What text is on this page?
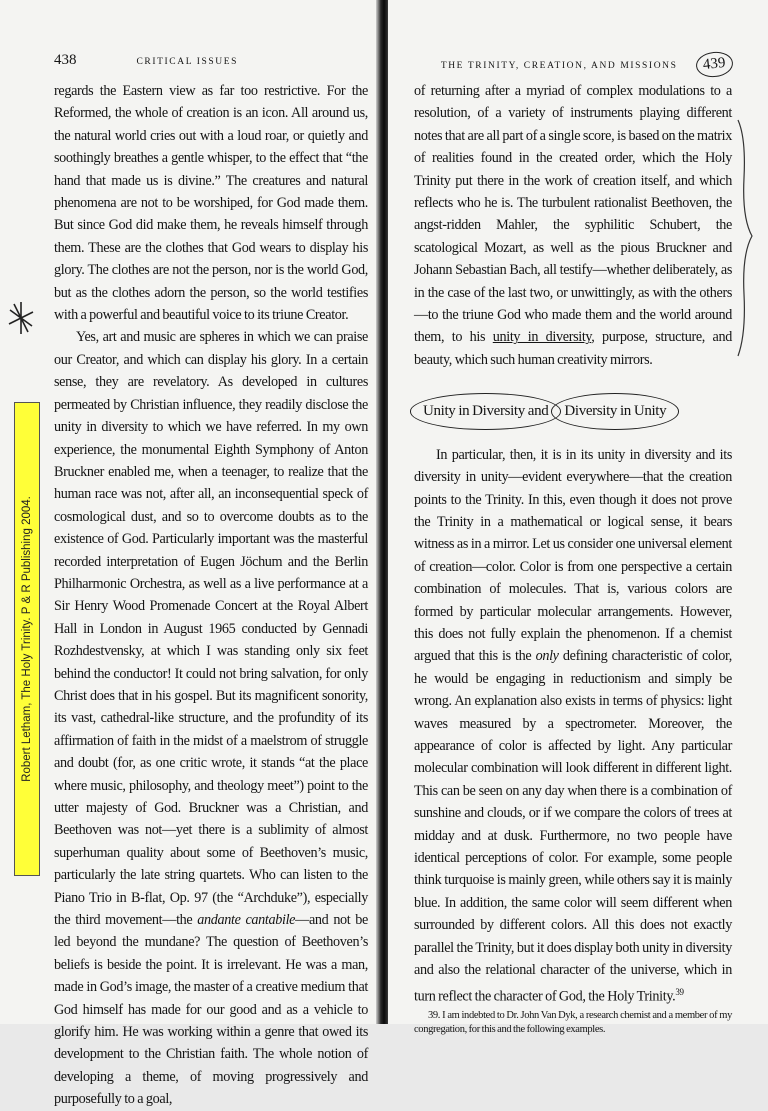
438	CRITICAL ISSUES

regards the Eastern view as far too restrictive. For the Reformed, the whole of creation is an icon. All around us, the natural world cries out with a loud roar, or quietly and soothingly breathes a gentle whisper, to the effect that “the hand that made us is divine.” The creatures and natural phenomena are not to be worshiped, for God made them. But since God did make them, he reveals himself through them. These are the clothes that God wears to display his glory. The clothes are not the person, nor is the world God, but as the clothes adorn the person, so the world testifies with a powerful and beautiful voice to its triune Creator.

Yes, art and music are spheres in which we can praise our Creator, and which can display his glory. In a certain sense, they are revelatory. As developed in cultures permeated by Christian influence, they readily disclose the unity in diversity to which we have referred. In my own experience, the monumental Eighth Symphony of Anton Bruckner enabled me, when a teenager, to realize that the human race was not, after all, an inconsequential speck of cosmological dust, and so to overcome doubts as to the existence of God. Particularly important was the masterful recorded interpretation of Eugen Jöchum and the Berlin Philharmonic Orchestra, as well as a live performance at a Sir Henry Wood Promenade Concert at the Royal Albert Hall in London in August 1965 conducted by Gennadi Rozhdestvensky, at which I was standing only six feet behind the conductor! It could not bring salvation, for only Christ does that in his gospel. But its magnificent sonority, its vast, cathedral-like structure, and the profundity of its affirmation of faith in the midst of a maelstrom of struggle and doubt (for, as one critic wrote, it stands “at the place where music, philosophy, and theology meet”) point to the utter majesty of God. Bruckner was a Christian, and Beethoven was not—yet there is a sublimity of almost superhuman quality about some of Beethoven’s music, particularly the late string quartets. Who can listen to the Piano Trio in B-flat, Op. 97 (the “Archduke”), especially the third movement—the andante cantabile—and not be led beyond the mundane? The question of Beethoven’s beliefs is beside the point. It is irrelevant. He was a man, made in God’s image, the master of a creative medium that God himself has made for our good and as a vehicle to glorify him. He was working within a genre that owed its development to the Christian faith. The whole notion of developing a theme, of moving progressively and purposefully to a goal,

THE TRINITY, CREATION, AND MISSIONS	439

of returning after a myriad of complex modulations to a resolution, of a variety of instruments playing different notes that are all part of a single score, is based on the matrix of realities found in the created order, which the Holy Trinity put there in the work of creation itself, and which reflects who he is. The turbulent rationalist Beethoven, the angst-ridden Mahler, the syphilitic Schubert, the scatological Mozart, as well as the pious Bruckner and Johann Sebastian Bach, all testify—whether deliberately, as in the case of the last two, or unwittingly, as with the others—to the triune God who made them and the world around them, to his unity in diversity, purpose, structure, and beauty, which such human creativity mirrors.

Unity in Diversity and	Diversity in Unity

In particular, then, it is in its unity in diversity and its diversity in unity—evident everywhere—that the creation points to the Trinity. In this, even though it does not prove the Trinity in a mathematical or logical sense, it bears witness as in a mirror. Let us consider one universal element of creation—color. Color is from one perspective a certain combination of molecules. That is, various colors are formed by particular molecular arrangements. However, this does not fully explain the phenomenon. If a chemist argued that this is the only defining characteristic of color, he would be engaging in reductionism and simply be wrong. An explanation also exists in terms of physics: light waves measured by a spectrometer. Moreover, the appearance of color is affected by light. Any particular molecular combination will look different in different light. This can be seen on any day when there is a combination of sunshine and clouds, or if we compare the colors of trees at midday and at dusk. Furthermore, no two people have identical perceptions of color. For example, some people think turquoise is mainly green, while others say it is mainly blue. In addition, the same color will seem different when surrounded by different colors. All this does not exactly parallel the Trinity, but it does display both unity in diversity and also the relational character of the universe, which in turn reflect the character of God, the Holy Trinity.$^{39}$

39. I am indebted to Dr. John Van Dyk, a research chemist and a member of my congregation, for this and the following examples.

Robert Letham, The Holy Trinity. P & R Publishing 2004.
